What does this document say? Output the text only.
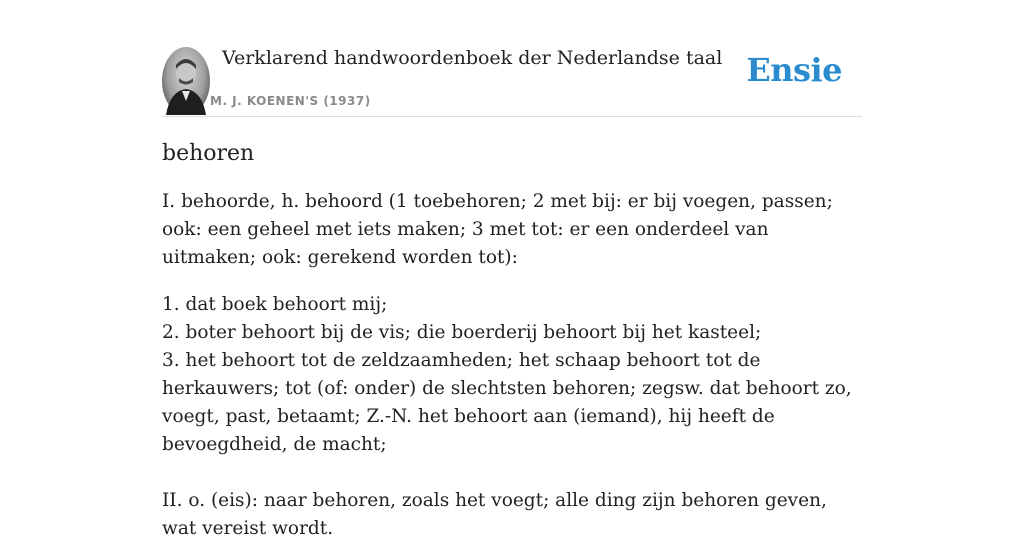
Verklarend handwoordenboek der Nederlandse taal
M. J. KOENEN'S (1937)
Ensie
behoren

I. behoorde, h. behoord (1 toebehoren; 2 met bij: er bij voegen, passen; ook: een geheel met iets maken; 3 met tot: er een onderdeel van uitmaken; ook: gerekend worden tot):

1. dat boek behoort mij;
2. boter behoort bij de vis; die boerderij behoort bij het kasteel;
3. het behoort tot de zeldzaamheden; het schaap behoort tot de herkauwers; tot (of: onder) de slechtsten behoren; zegsw. dat behoort zo, voegt, past, betaamt; Z.-N. het behoort aan (iemand), hij heeft de bevoegdheid, de macht;

II. o. (eis): naar behoren, zoals het voegt; alle ding zijn behoren geven, wat vereist wordt.
